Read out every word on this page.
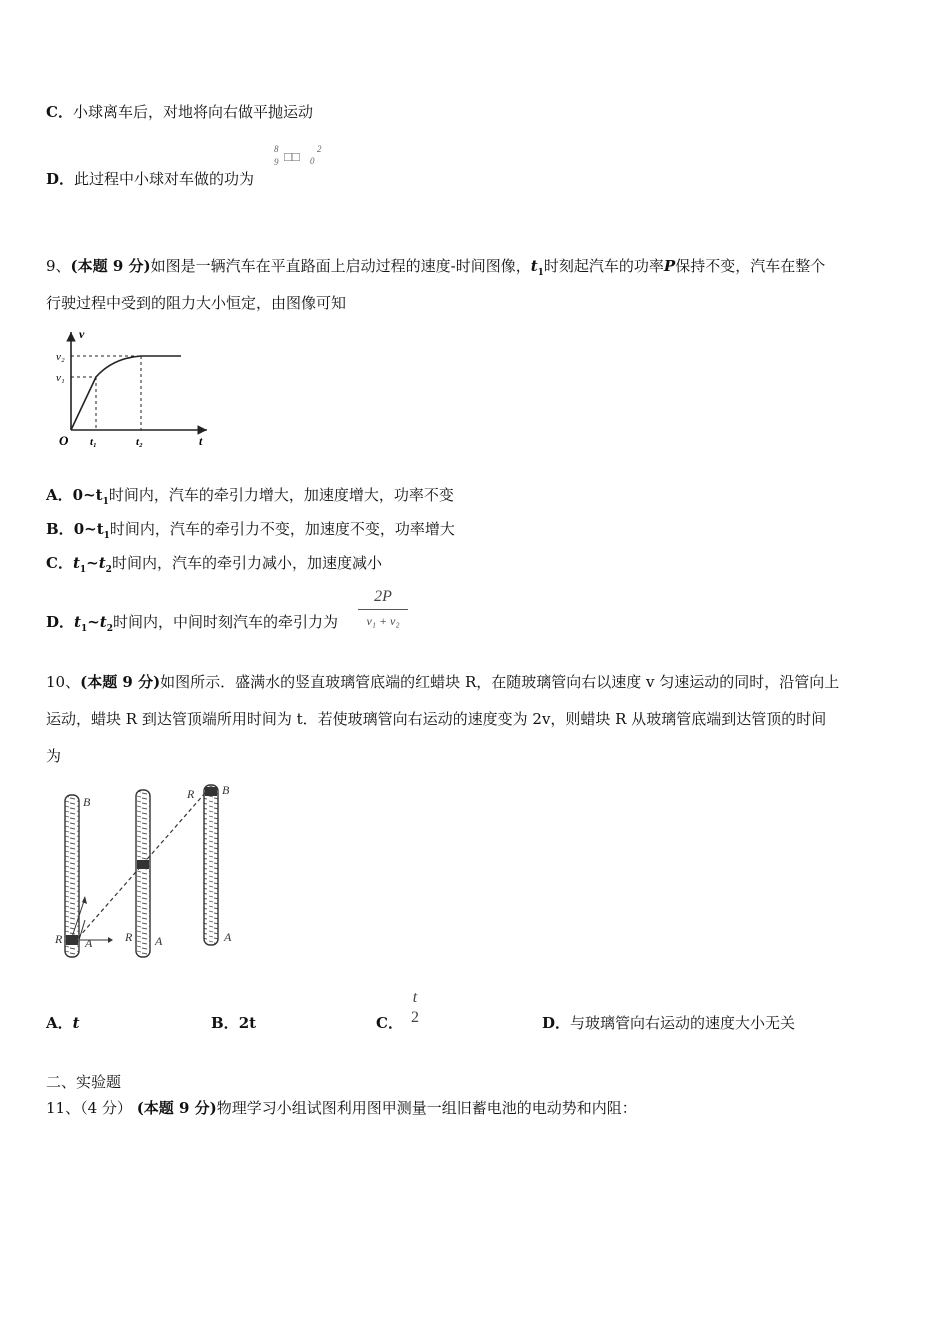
C．小球离车后，对地将向右做平抛运动
D．此过程中小球对车做的功为
8
9 □□ 0
2
9、(本题 9 分)如图是一辆汽车在平直路面上启动过程的速度-时间图像，$t_1$时刻起汽车的功率P保持不变，汽车在整个
行驶过程中受到的阻力大小恒定，由图像可知
v
t
O
v₂
v₁
t₁	t₂
A．$0\sim t_1$时间内，汽车的牵引力增大，加速度增大，功率不变
B．$0\sim t_1$时间内，汽车的牵引力不变，加速度不变，功率增大
C．$t_1\sim t_2$时间内，汽车的牵引力减小，加速度减小
D．$t_1\sim t_2$时间内，中间时刻汽车的牵引力为
2P
v₁ + v₂
10、(本题 9 分)如图所示．盛满水的竖直玻璃管底端的红蜡块 R，在随玻璃管向右以速度 v 匀速运动的同时，沿管向上
运动，蜡块 R 到达管顶端所用时间为 t．若使玻璃管向右运动的速度变为 2v，则蜡块 R 从玻璃管底端到达管顶的时间
为
B
R A	R A
B
R
A
A．t	B．2t	C．
t
2	D．与玻璃管向右运动的速度大小无关
二、实验题
11、（4 分） (本题 9 分)物理学习小组试图利用图甲测量一组旧蓄电池的电动势和内阻：
